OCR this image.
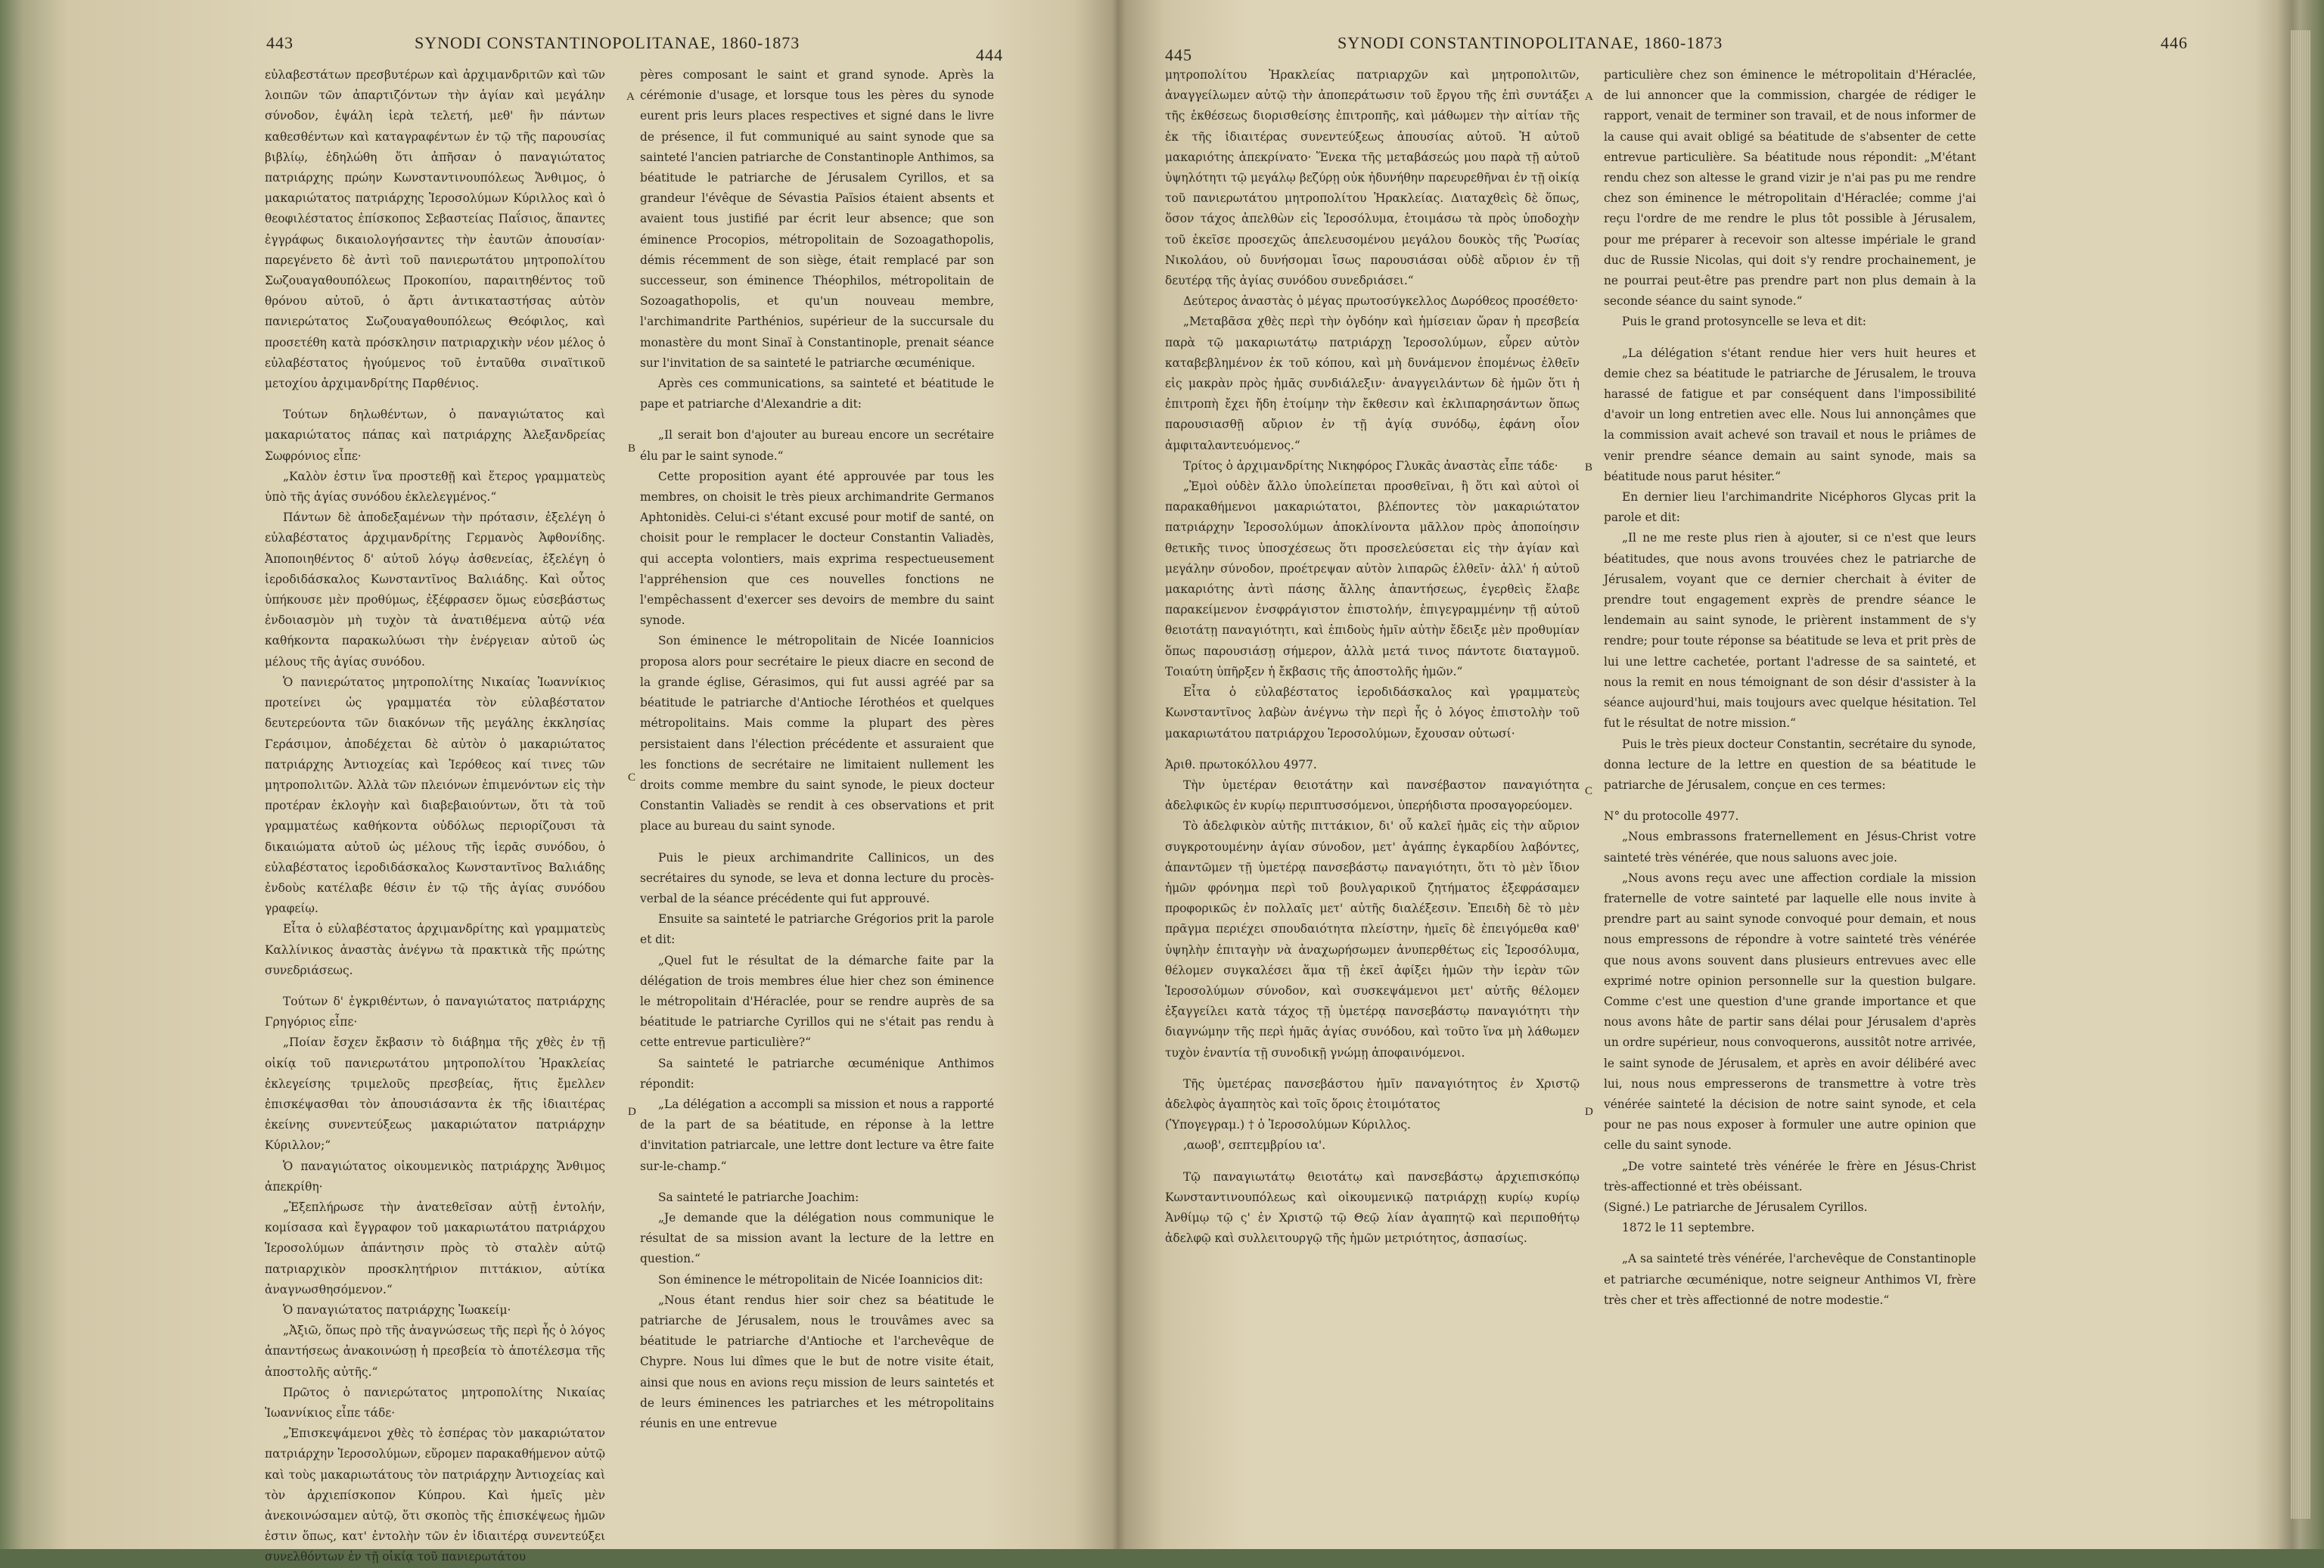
443	SYNODI CONSTANTINOPOLITANAE, 1860-1873
444

εὐλαβεστάτων πρεσβυτέρων καὶ ἀρχιμανδριτῶν καὶ τῶν λοιπῶν τῶν ἀπαρτιζόντων τὴν ἁγίαν καὶ μεγάλην σύνοδον, ἐψάλη ἱερὰ τελετή, μεθ' ἣν πάντων καθεσθέντων καὶ καταγραφέντων ἐν τῷ τῆς παρουσίας βιβλίῳ, ἐδηλώθη ὅτι ἀπῆσαν ὁ παναγιώτατος πατριάρχης πρώην Κωνσταντινουπόλεως Ἄνθιμος, ὁ μακαριώτατος πατριάρχης Ἱεροσολύμων Κύριλλος καὶ ὁ θεοφιλέστατος ἐπίσκοπος Σεβαστείας Παΐσιος, ἅπαντες ἐγγράφως δικαιολογήσαντες τὴν ἑαυτῶν ἀπουσίαν· παρεγένετο δὲ ἀντὶ τοῦ πανιερωτάτου μητροπολίτου Σωζουαγαθουπόλεως Προκοπίου, παραιτηθέντος τοῦ θρόνου αὐτοῦ, ὁ ἄρτι ἀντικαταστήσας αὐτὸν πανιερώτατος Σωζουαγαθουπόλεως Θεόφιλος, καὶ προσετέθη κατὰ πρόσκλησιν πατριαρχικὴν νέον μέλος ὁ εὐλαβέστατος ἡγούμενος τοῦ ἐνταῦθα σιναϊτικοῦ μετοχίου ἀρχιμανδρίτης Παρθένιος.

Τούτων δηλωθέντων, ὁ παναγιώτατος καὶ μακαριώτατος πάπας καὶ πατριάρχης Ἀλεξανδρείας Σωφρόνιος εἶπε·

„Καλὸν ἐστιν ἵνα προστεθῇ καὶ ἕτερος γραμματεὺς ὑπὸ τῆς ἁγίας συνόδου ἐκλελεγμένος.“

Πάντων δὲ ἀποδεξαμένων τὴν πρότασιν, ἐξελέγη ὁ εὐλαβέστατος ἀρχιμανδρίτης Γερμανὸς Ἀφθονίδης. Ἀποποιηθέντος δ' αὐτοῦ λόγῳ ἀσθενείας, ἐξελέγη ὁ ἱεροδιδάσκαλος Κωνσταντῖνος Βαλιάδης. Καὶ οὗτος ὑπήκουσε μὲν προθύμως, ἐξέφρασεν ὅμως εὐσεβάστως ἐνδοιασμὸν μὴ τυχὸν τὰ ἀνατιθέμενα αὐτῷ νέα καθήκοντα παρακωλύωσι τὴν ἐνέργειαν αὐτοῦ ὡς μέλους τῆς ἁγίας συνόδου.

Ὁ πανιερώτατος μητροπολίτης Νικαίας Ἰωαννίκιος προτείνει ὡς γραμματέα τὸν εὐλαβέστατον δευτερεύοντα τῶν διακόνων τῆς μεγάλης ἐκκλησίας Γεράσιμον, ἀποδέχεται δὲ αὐτὸν ὁ μακαριώτατος πατριάρχης Ἀντιοχείας καὶ Ἱερόθεος καί τινες τῶν μητροπολιτῶν. Ἀλλὰ τῶν πλειόνων ἐπιμενόντων εἰς τὴν προτέραν ἐκλογὴν καὶ διαβεβαιούντων, ὅτι τὰ τοῦ γραμματέως καθήκοντα οὐδόλως περιορίζουσι τὰ δικαιώματα αὐτοῦ ὡς μέλους τῆς ἱερᾶς συνόδου, ὁ εὐλαβέστατος ἱεροδιδάσκαλος Κωνσταντῖνος Βαλιάδης ἐνδοὺς κατέλαβε θέσιν ἐν τῷ τῆς ἁγίας συνόδου γραφείῳ.

Εἶτα ὁ εὐλαβέστατος ἀρχιμανδρίτης καὶ γραμματεὺς Καλλίνικος ἀναστὰς ἀνέγνω τὰ πρακτικὰ τῆς πρώτης συνεδριάσεως.

Τούτων δ' ἐγκριθέντων, ὁ παναγιώτατος πατριάρχης Γρηγόριος εἶπε·

„Ποίαν ἔσχεν ἔκβασιν τὸ διάβημα τῆς χθὲς ἐν τῇ οἰκίᾳ τοῦ πανιερωτάτου μητροπολίτου Ἡρακλείας ἐκλεγείσης τριμελοῦς πρεσβείας, ἥτις ἔμελλεν ἐπισκέψασθαι τὸν ἀπουσιάσαντα ἐκ τῆς ἰδιαιτέρας ἐκείνης συνεντεύξεως μακαριώτατον πατριάρχην Κύριλλον;“

Ὁ παναγιώτατος οἰκουμενικὸς πατριάρχης Ἄνθιμος ἀπεκρίθη·

„Ἐξεπλήρωσε τὴν ἀνατεθεῖσαν αὐτῇ ἐντολήν, κομίσασα καὶ ἔγγραφον τοῦ μακαριωτάτου πατριάρχου Ἱεροσολύμων ἀπάντησιν πρὸς τὸ σταλὲν αὐτῷ πατριαρχικὸν προσκλητήριον πιττάκιον, αὐτίκα ἀναγνωσθησόμενον.“

Ὁ παναγιώτατος πατριάρχης Ἰωακείμ·

„Ἀξιῶ, ὅπως πρὸ τῆς ἀναγνώσεως τῆς περὶ ἧς ὁ λόγος ἀπαντήσεως ἀνακοινώσῃ ἡ πρεσβεία τὸ ἀποτέλεσμα τῆς ἀποστολῆς αὐτῆς.“

Πρῶτος ὁ πανιερώτατος μητροπολίτης Νικαίας Ἰωαννίκιος εἶπε τάδε·

„Ἐπισκεψάμενοι χθὲς τὸ ἑσπέρας τὸν μακαριώτατον πατριάρχην Ἱεροσολύμων, εὕρομεν παρακαθήμενον αὐτῷ καὶ τοὺς μακαριωτάτους τὸν πατριάρχην Ἀντιοχείας καὶ τὸν ἀρχιεπίσκοπον Κύπρου. Καὶ ἡμεῖς μὲν ἀνεκοινώσαμεν αὐτῷ, ὅτι σκοπὸς τῆς ἐπισκέψεως ἡμῶν ἐστιν ὅπως, κατ' ἐντολὴν τῶν ἐν ἰδιαιτέρᾳ συνεντεύξει συνελθόντων ἐν τῇ οἰκίᾳ τοῦ πανιερωτάτου

A
B
C
D

pères composant le saint et grand synode. Après la cérémonie d'usage, et lorsque tous les pères du synode eurent pris leurs places respectives et signé dans le livre de présence, il fut communiqué au saint synode que sa sainteté l'ancien patriarche de Constantinople Anthimos, sa béatitude le patriarche de Jérusalem Cyrillos, et sa grandeur l'évêque de Sévastia Païsios étaient absents et avaient tous justifié par écrit leur absence; que son éminence Procopios, métropolitain de Sozoagathopolis, démis récemment de son siège, était remplacé par son successeur, son éminence Théophilos, métropolitain de Sozoagathopolis, et qu'un nouveau membre, l'archimandrite Parthénios, supérieur de la succursale du monastère du mont Sinaï à Constantinople, prenait séance sur l'invitation de sa sainteté le patriarche œcuménique.

Après ces communications, sa sainteté et béatitude le pape et patriarche d'Alexandrie a dit:

„Il serait bon d'ajouter au bureau encore un secrétaire élu par le saint synode.“

Cette proposition ayant été approuvée par tous les membres, on choisit le très pieux archimandrite Germanos Aphtonidès. Celui-ci s'étant excusé pour motif de santé, on choisit pour le remplacer le docteur Constantin Valiadès, qui accepta volontiers, mais exprima respectueusement l'appréhension que ces nouvelles fonctions ne l'empêchassent d'exercer ses devoirs de membre du saint synode.

Son éminence le métropolitain de Nicée Ioannicios proposa alors pour secrétaire le pieux diacre en second de la grande église, Gérasimos, qui fut aussi agréé par sa béatitude le patriarche d'Antioche Iérothéos et quelques métropolitains. Mais comme la plupart des pères persistaient dans l'élection précédente et assuraient que les fonctions de secrétaire ne limitaient nullement les droits comme membre du saint synode, le pieux docteur Constantin Valiadès se rendit à ces observations et prit place au bureau du saint synode.

Puis le pieux archimandrite Callinicos, un des secrétaires du synode, se leva et donna lecture du procès-verbal de la séance précédente qui fut approuvé.

Ensuite sa sainteté le patriarche Grégorios prit la parole et dit:

„Quel fut le résultat de la démarche faite par la délégation de trois membres élue hier chez son éminence le métropolitain d'Héraclée, pour se rendre auprès de sa béatitude le patriarche Cyrillos qui ne s'était pas rendu à cette entrevue particulière?“

Sa sainteté le patriarche œcuménique Anthimos répondit:

„La délégation a accompli sa mission et nous a rapporté de la part de sa béatitude, en réponse à la lettre d'invitation patriarcale, une lettre dont lecture va être faite sur-le-champ.“

Sa sainteté le patriarche Joachim:

„Je demande que la délégation nous communique le résultat de sa mission avant la lecture de la lettre en question.“

Son éminence le métropolitain de Nicée Ioannicios dit:

„Nous étant rendus hier soir chez sa béatitude le patriarche de Jérusalem, nous le trouvâmes avec sa béatitude le patriarche d'Antioche et l'archevêque de Chypre. Nous lui dîmes que le but de notre visite était, ainsi que nous en avions reçu mission de leurs saintetés et de leurs éminences les patriarches et les métropolitains réunis en une entrevue

445
SYNODI CONSTANTINOPOLITANAE, 1860-1873	446

μητροπολίτου Ἡρακλείας πατριαρχῶν καὶ μητροπολιτῶν, ἀναγγείλωμεν αὐτῷ τὴν ἀποπεράτωσιν τοῦ ἔργου τῆς ἐπὶ συντάξει τῆς ἐκθέσεως διορισθείσης ἐπιτροπῆς, καὶ μάθωμεν τὴν αἰτίαν τῆς ἐκ τῆς ἰδιαιτέρας συνεντεύξεως ἀπουσίας αὐτοῦ. Ἡ αὐτοῦ μακαριότης ἀπεκρίνατο· Ἕνεκα τῆς μεταβάσεώς μου παρὰ τῇ αὐτοῦ ὑψηλότητι τῷ μεγάλῳ βεζύρῃ οὐκ ἠδυνήθην παρευρεθῆναι ἐν τῇ οἰκίᾳ τοῦ πανιερωτάτου μητροπολίτου Ἡρακλείας. Διαταχθεὶς δὲ ὅπως, ὅσον τάχος ἀπελθὼν εἰς Ἱεροσόλυμα, ἑτοιμάσω τὰ πρὸς ὑποδοχὴν τοῦ ἐκεῖσε προσεχῶς ἀπελευσομένου μεγάλου δουκὸς τῆς Ῥωσίας Νικολάου, οὐ δυνήσομαι ἴσως παρουσιάσαι οὐδὲ αὔριον ἐν τῇ δευτέρᾳ τῆς ἁγίας συνόδου συνεδριάσει.“

Δεύτερος ἀναστὰς ὁ μέγας πρωτοσύγκελλος Δωρόθεος προσέθετο·

„Μεταβᾶσα χθὲς περὶ τὴν ὀγδόην καὶ ἡμίσειαν ὥραν ἡ πρεσβεία παρὰ τῷ μακαριωτάτῳ πατριάρχῃ Ἱεροσολύμων, εὗρεν αὐτὸν καταβεβλημένον ἐκ τοῦ κόπου, καὶ μὴ δυνάμενον ἐπομένως ἐλθεῖν εἰς μακρὰν πρὸς ἡμᾶς συνδιάλεξιν· ἀναγγειλάντων δὲ ἡμῶν ὅτι ἡ ἐπιτροπὴ ἔχει ἤδη ἑτοίμην τὴν ἔκθεσιν καὶ ἐκλιπαρησάντων ὅπως παρουσιασθῇ αὔριον ἐν τῇ ἁγίᾳ συνόδῳ, ἐφάνη οἷον ἀμφιταλαντευόμενος.“

Τρίτος ὁ ἀρχιμανδρίτης Νικηφόρος Γλυκᾶς ἀναστὰς εἶπε τάδε·

„Ἐμοὶ οὐδὲν ἄλλο ὑπολείπεται προσθεῖναι, ἢ ὅτι καὶ αὐτοὶ οἱ παρακαθήμενοι μακαριώτατοι, βλέποντες τὸν μακαριώτατον πατριάρχην Ἱεροσολύμων ἀποκλίνοντα μᾶλλον πρὸς ἀποποίησιν θετικῆς τινος ὑποσχέσεως ὅτι προσελεύσεται εἰς τὴν ἁγίαν καὶ μεγάλην σύνοδον, προέτρεψαν αὐτὸν λιπαρῶς ἐλθεῖν· ἀλλ' ἡ αὐτοῦ μακαριότης ἀντὶ πάσης ἄλλης ἀπαντήσεως, ἐγερθεὶς ἔλαβε παρακείμενον ἐνσφράγιστον ἐπιστολήν, ἐπιγεγραμμένην τῇ αὐτοῦ θειοτάτῃ παναγιότητι, καὶ ἐπιδοὺς ἡμῖν αὐτὴν ἔδειξε μὲν προθυμίαν ὅπως παρουσιάσῃ σήμερον, ἀλλὰ μετά τινος πάντοτε διαταγμοῦ. Τοιαύτη ὑπῆρξεν ἡ ἔκβασις τῆς ἀποστολῆς ἡμῶν.“

Εἶτα ὁ εὐλαβέστατος ἱεροδιδάσκαλος καὶ γραμματεὺς Κωνσταντῖνος λαβὼν ἀνέγνω τὴν περὶ ἧς ὁ λόγος ἐπιστολὴν τοῦ μακαριωτάτου πατριάρχου Ἱεροσολύμων, ἔχουσαν οὑτωσί·

Ἀριθ. πρωτοκόλλου 4977.

Τὴν ὑμετέραν θειοτάτην καὶ πανσέβαστον παναγιότητα ἀδελφικῶς ἐν κυρίῳ περιπτυσσόμενοι, ὑπερήδιστα προσαγορεύομεν.

Τὸ ἀδελφικὸν αὐτῆς πιττάκιον, δι' οὗ καλεῖ ἡμᾶς εἰς τὴν αὔριον συγκροτουμένην ἁγίαν σύνοδον, μετ' ἀγάπης ἐγκαρδίου λαβόντες, ἀπαντῶμεν τῇ ὑμετέρᾳ πανσεβάστῳ παναγιότητι, ὅτι τὸ μὲν ἴδιον ἡμῶν φρόνημα περὶ τοῦ βουλγαρικοῦ ζητήματος ἐξεφράσαμεν προφορικῶς ἐν πολλαῖς μετ' αὐτῆς διαλέξεσιν. Ἐπειδὴ δὲ τὸ μὲν πρᾶγμα περιέχει σπουδαιότητα πλείστην, ἡμεῖς δὲ ἐπειγόμεθα καθ' ὑψηλὴν ἐπιταγὴν νὰ ἀναχωρήσωμεν ἀνυπερθέτως εἰς Ἱεροσόλυμα, θέλομεν συγκαλέσει ἅμα τῇ ἐκεῖ ἀφίξει ἡμῶν τὴν ἱερὰν τῶν Ἱεροσολύμων σύνοδον, καὶ συσκεψάμενοι μετ' αὐτῆς θέλομεν ἐξαγγείλει κατὰ τάχος τῇ ὑμετέρᾳ πανσεβάστῳ παναγιότητι τὴν διαγνώμην τῆς περὶ ἡμᾶς ἁγίας συνόδου, καὶ τοῦτο ἵνα μὴ λάθωμεν τυχὸν ἐναντία τῇ συνοδικῇ γνώμῃ ἀποφαινόμενοι.

Τῆς ὑμετέρας πανσεβάστου ἡμῖν παναγιότητος ἐν Χριστῷ ἀδελφὸς ἀγαπητὸς καὶ τοῖς ὅροις ἑτοιμότατος

(Ὑπογεγραμ.) † ὁ Ἱεροσολύμων Κύριλλος.

‚αωοβ', σεπτεμβρίου ια'.

Τῷ παναγιωτάτῳ θειοτάτῳ καὶ πανσεβάστῳ ἀρχιεπισκόπῳ Κωνσταντινουπόλεως καὶ οἰκουμενικῷ πατριάρχῃ κυρίῳ κυρίῳ Ἀνθίμῳ τῷ ς' ἐν Χριστῷ τῷ Θεῷ λίαν ἀγαπητῷ καὶ περιποθήτῳ ἀδελφῷ καὶ συλλειτουργῷ τῆς ἡμῶν μετριότητος, ἀσπασίως.

A
B
C
D

particulière chez son éminence le métropolitain d'Héraclée, de lui annoncer que la commission, chargée de rédiger le rapport, venait de terminer son travail, et de nous informer de la cause qui avait obligé sa béatitude de s'absenter de cette entrevue particulière. Sa béatitude nous répondit: „M'étant rendu chez son altesse le grand vizir je n'ai pas pu me rendre chez son éminence le métropolitain d'Héraclée; comme j'ai reçu l'ordre de me rendre le plus tôt possible à Jérusalem, pour me préparer à recevoir son altesse impériale le grand duc de Russie Nicolas, qui doit s'y rendre prochainement, je ne pourrai peut-être pas prendre part non plus demain à la seconde séance du saint synode.“

Puis le grand protosyncelle se leva et dit:

„La délégation s'étant rendue hier vers huit heures et demie chez sa béatitude le patriarche de Jérusalem, le trouva harassé de fatigue et par conséquent dans l'impossibilité d'avoir un long entretien avec elle. Nous lui annonçâmes que la commission avait achevé son travail et nous le priâmes de venir prendre séance demain au saint synode, mais sa béatitude nous parut hésiter.“

En dernier lieu l'archimandrite Nicéphoros Glycas prit la parole et dit:

„Il ne me reste plus rien à ajouter, si ce n'est que leurs béatitudes, que nous avons trouvées chez le patriarche de Jérusalem, voyant que ce dernier cherchait à éviter de prendre tout engagement exprès de prendre séance le lendemain au saint synode, le prièrent instamment de s'y rendre; pour toute réponse sa béatitude se leva et prit près de lui une lettre cachetée, portant l'adresse de sa sainteté, et nous la remit en nous témoignant de son désir d'assister à la séance aujourd'hui, mais toujours avec quelque hésitation. Tel fut le résultat de notre mission.“

Puis le très pieux docteur Constantin, secrétaire du synode, donna lecture de la lettre en question de sa béatitude le patriarche de Jérusalem, conçue en ces termes:

N° du protocolle 4977.

„Nous embrassons fraternellement en Jésus-Christ votre sainteté très vénérée, que nous saluons avec joie.

„Nous avons reçu avec une affection cordiale la mission fraternelle de votre sainteté par laquelle elle nous invite à prendre part au saint synode convoqué pour demain, et nous nous empressons de répondre à votre sainteté très vénérée que nous avons souvent dans plusieurs entrevues avec elle exprimé notre opinion personnelle sur la question bulgare. Comme c'est une question d'une grande importance et que nous avons hâte de partir sans délai pour Jérusalem d'après un ordre supérieur, nous convoquerons, aussitôt notre arrivée, le saint synode de Jérusalem, et après en avoir délibéré avec lui, nous nous empresserons de transmettre à votre très vénérée sainteté la décision de notre saint synode, et cela pour ne pas nous exposer à formuler une autre opinion que celle du saint synode.

„De votre sainteté très vénérée le frère en Jésus-Christ très-affectionné et très obéissant.

(Signé.) Le patriarche de Jérusalem Cyrillos.

1872 le 11 septembre.

„A sa sainteté très vénérée, l'archevêque de Constantinople et patriarche œcuménique, notre seigneur Anthimos VI, frère très cher et très affectionné de notre modestie.“
